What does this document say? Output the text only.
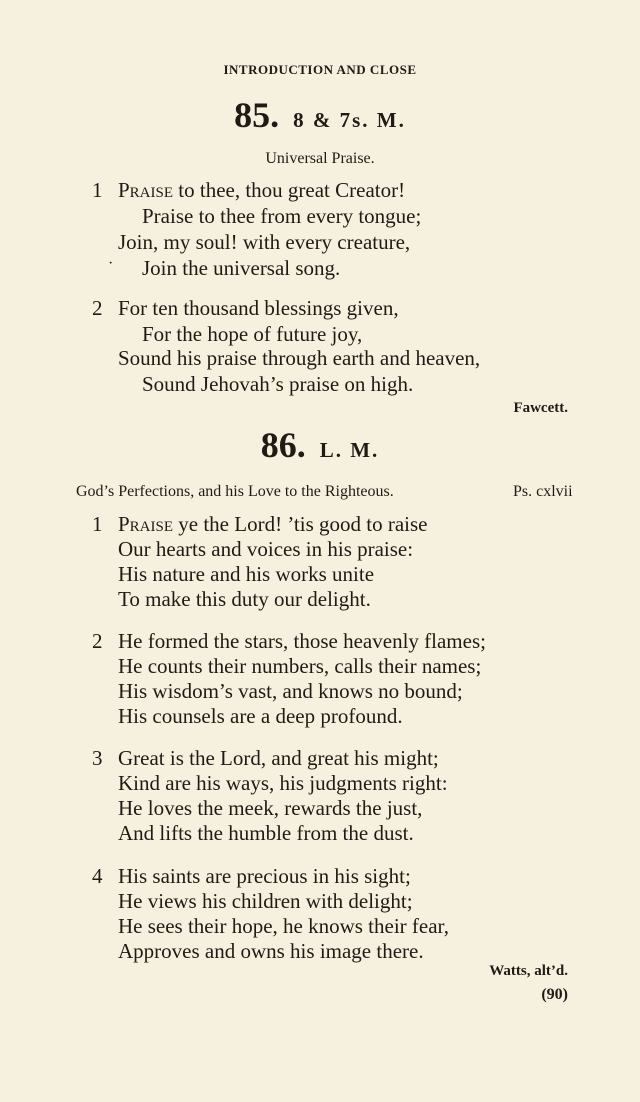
INTRODUCTION AND CLOSE
85. 8 & 7s. M.
Universal Praise.
1 Praise to thee, thou great Creator!
Praise to thee from every tongue;
Join, my soul! with every creature,
· Join the universal song.
2 For ten thousand blessings given,
For the hope of future joy,
Sound his praise through earth and heaven,
Sound Jehovah’s praise on high.
Fawcett.
86. L. M.
God’s Perfections, and his Love to the Righteous.	Ps. cxlvii
1 Praise ye the Lord! ’tis good to raise
Our hearts and voices in his praise:
His nature and his works unite
To make this duty our delight.
2 He formed the stars, those heavenly flames;
He counts their numbers, calls their names;
His wisdom’s vast, and knows no bound;
His counsels are a deep profound.
3 Great is the Lord, and great his might;
Kind are his ways, his judgments right:
He loves the meek, rewards the just,
And lifts the humble from the dust.
4 His saints are precious in his sight;
He views his children with delight;
He sees their hope, he knows their fear,
Approves and owns his image there.
Watts, alt’d.
(90)
